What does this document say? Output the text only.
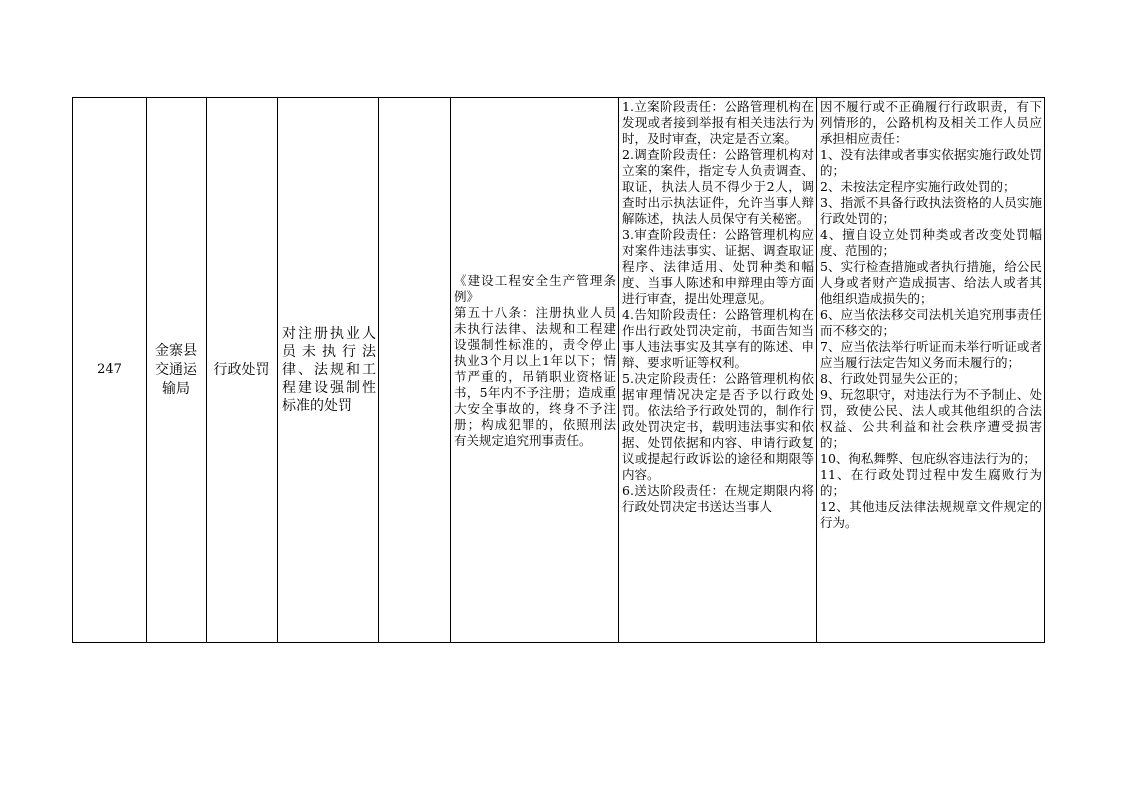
247
金寨县交通运输局
行政处罚
对注册执业人员未执行法律、法规和工程建设强制性标准的处罚
《建设工程安全生产管理条例》
第五十八条：注册执业人员未执行法律、法规和工程建设强制性标准的，责令停止执业3个月以上1年以下；情节严重的，吊销职业资格证书，5年内不予注册；造成重大安全事故的，终身不予注册；构成犯罪的，依照刑法有关规定追究刑事责任。
1.立案阶段责任：公路管理机构在发现或者接到举报有相关违法行为时，及时审查，决定是否立案。
2.调查阶段责任：公路管理机构对立案的案件，指定专人负责调查、取证，执法人员不得少于2人，调查时出示执法证件，允许当事人辩解陈述，执法人员保守有关秘密。
3.审查阶段责任：公路管理机构应对案件违法事实、证据、调查取证程序、法律适用、处罚种类和幅度、当事人陈述和申辩理由等方面进行审查，提出处理意见。
4.告知阶段责任：公路管理机构在作出行政处罚决定前，书面告知当事人违法事实及其享有的陈述、申辩、要求听证等权利。
5.决定阶段责任：公路管理机构依据审理情况决定是否予以行政处罚。依法给予行政处罚的，制作行政处罚决定书，载明违法事实和依据、处罚依据和内容、申请行政复议或提起行政诉讼的途径和期限等内容。
6.送达阶段责任：在规定期限内将行政处罚决定书送达当事人
因不履行或不正确履行行政职责，有下列情形的，公路机构及相关工作人员应承担相应责任：
1、没有法律或者事实依据实施行政处罚的；
2、未按法定程序实施行政处罚的；
3、指派不具备行政执法资格的人员实施行政处罚的；
4、擅自设立处罚种类或者改变处罚幅度、范围的；
5、实行检查措施或者执行措施，给公民人身或者财产造成损害、给法人或者其他组织造成损失的；
6、应当依法移交司法机关追究刑事责任而不移交的；
7、应当依法举行听证而未举行听证或者应当履行法定告知义务而未履行的；
8、行政处罚显失公正的；
9、玩忽职守，对违法行为不予制止、处罚，致使公民、法人或其他组织的合法权益、公共利益和社会秩序遭受损害的；
10、徇私舞弊、包庇纵容违法行为的；
11、在行政处罚过程中发生腐败行为的；
12、其他违反法律法规规章文件规定的行为。
